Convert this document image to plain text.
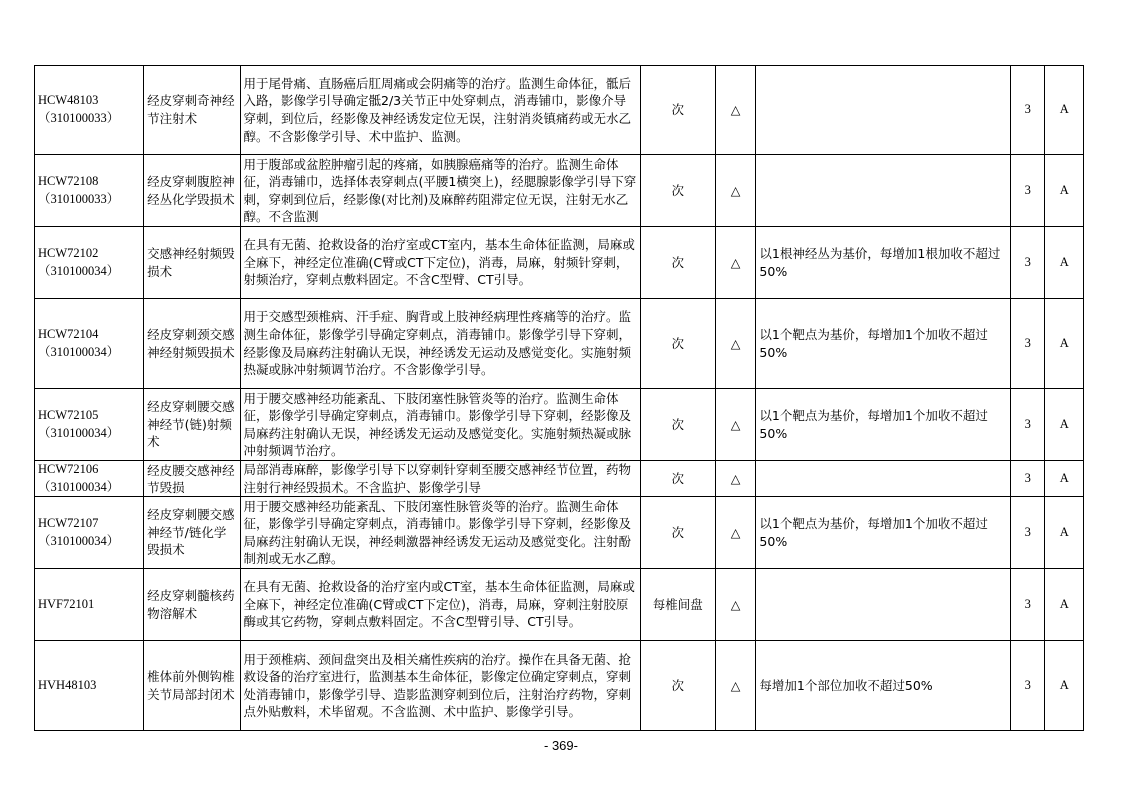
HCW48103
（310100033）	经皮穿刺奇神经节注射术	用于尾骨痛、直肠癌后肛周痛或会阴痛等的治疗。监测生命体征，骶后入路，影像学引导确定骶2/3关节正中处穿刺点，消毒铺巾，影像介导穿刺，到位后，经影像及神经诱发定位无误，注射消炎镇痛药或无水乙醇。不含影像学引导、术中监护、监测。	次	△		3	A

HCW72108
（310100033）	经皮穿刺腹腔神经丛化学毁损术	用于腹部或盆腔肿瘤引起的疼痛，如胰腺癌痛等的治疗。监测生命体征，消毒铺巾，选择体表穿刺点(平腰1横突上)，经腮腺影像学引导下穿刺，穿刺到位后，经影像(对比剂)及麻醉药阻滞定位无误，注射无水乙醇。不含监测	次	△		3	A

HCW72102
（310100034）	交感神经射频毁损术	在具有无菌、抢救设备的治疗室或CT室内，基本生命体征监测，局麻或全麻下，神经定位准确(C臂或CT下定位)，消毒，局麻，射频针穿刺，射频治疗，穿刺点敷料固定。不含C型臂、CT引导。	次	△	以1根神经丛为基价，每增加1根加收不超过50%	3	A

HCW72104
（310100034）	经皮穿刺颈交感神经射频毁损术	用于交感型颈椎病、汗手症、胸背或上肢神经病理性疼痛等的治疗。监测生命体征，影像学引导确定穿刺点，消毒铺巾。影像学引导下穿刺，经影像及局麻药注射确认无误，神经诱发无运动及感觉变化。实施射频热凝或脉冲射频调节治疗。不含影像学引导。	次	△	以1个靶点为基价，每增加1个加收不超过50%	3	A

HCW72105
（310100034）	经皮穿刺腰交感神经节(链)射频术	用于腰交感神经功能紊乱、下肢闭塞性脉管炎等的治疗。监测生命体征，影像学引导确定穿刺点，消毒铺巾。影像学引导下穿刺，经影像及局麻药注射确认无误，神经诱发无运动及感觉变化。实施射频热凝或脉冲射频调节治疗。	次	△	以1个靶点为基价，每增加1个加收不超过50%	3	A

HCW72106
（310100034）	经皮腰交感神经节毁损	局部消毒麻醉，影像学引导下以穿刺针穿刺至腰交感神经节位置，药物注射行神经毁损术。不含监护、影像学引导	次	△		3	A

HCW72107
（310100034）	经皮穿刺腰交感神经节/链化学毁损术	用于腰交感神经功能紊乱、下肢闭塞性脉管炎等的治疗。监测生命体征，影像学引导确定穿刺点，消毒铺巾。影像学引导下穿刺，经影像及局麻药注射确认无误，神经刺激器神经诱发无运动及感觉变化。注射酚制剂或无水乙醇。	次	△	以1个靶点为基价，每增加1个加收不超过50%	3	A

HVF72101	经皮穿刺髓核药物溶解术	在具有无菌、抢救设备的治疗室内或CT室，基本生命体征监测，局麻或全麻下，神经定位准确(C臂或CT下定位)，消毒，局麻，穿刺注射胶原酶或其它药物，穿刺点敷料固定。不含C型臂引导、CT引导。	每椎间盘	△		3	A

HVH48103	椎体前外侧钩椎关节局部封闭术	用于颈椎病、颈间盘突出及相关痛性疾病的治疗。操作在具备无菌、抢救设备的治疗室进行，监测基本生命体征，影像定位确定穿刺点，穿刺处消毒铺巾，影像学引导、造影监测穿刺到位后，注射治疗药物，穿刺点外贴敷料，术毕留观。不含监测、术中监护、影像学引导。	次	△	每增加1个部位加收不超过50%	3	A
- 369-
